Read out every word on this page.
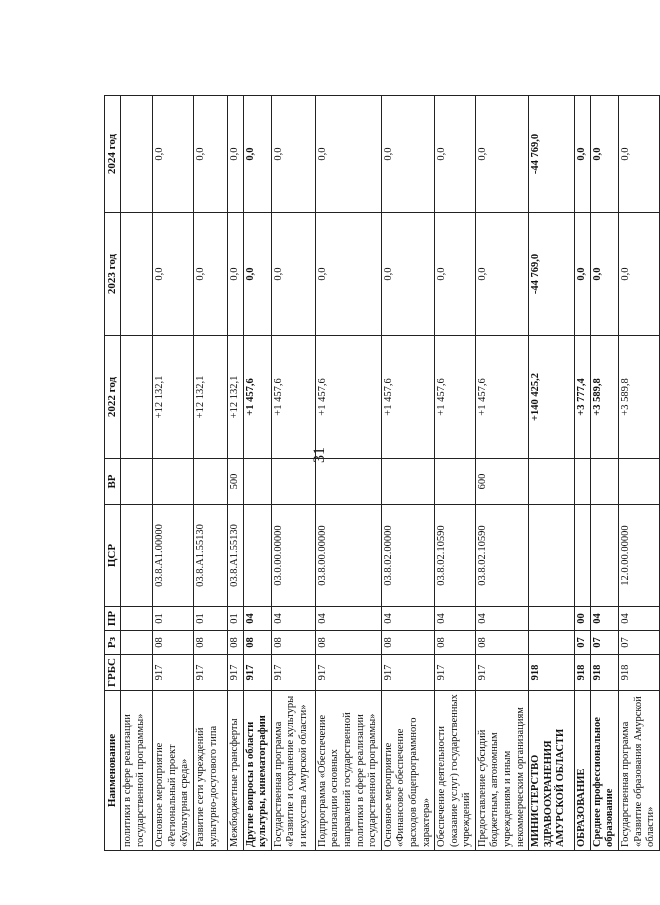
31
Наименование	ГРБС	Рз	ПР	ЦСР	ВР	2022 год	2023 год	2024 год
политики в сфере реализации государственной программы»								
Основное мероприятие «Региональный проект «Культурная среда»	917	08	01	03.8.A1.00000		+12 132,1	0,0	0,0
Развитие сети учреждений культурно-досугового типа	917	08	01	03.8.A1.55130		+12 132,1	0,0	0,0
Межбюджетные трансферты	917	08	01	03.8.A1.55130	500	+12 132,1	0,0	0,0
Другие вопросы в области культуры, кинематографии	917	08	04			+1 457,6	0,0	0,0
Государственная программа «Развитие и сохранение культуры и искусства Амурской области»	917	08	04	03.0.00.00000		+1 457,6	0,0	0,0
Подпрограмма «Обеспечение реализации основных направлений государственной политики в сфере реализации государственной программы»	917	08	04	03.8.00.00000		+1 457,6	0,0	0,0
Основное мероприятие «Финансовое обеспечение расходов общепрограммного характера»	917	08	04	03.8.02.00000		+1 457,6	0,0	0,0
Обеспечение деятельности (оказание услуг) государственных учреждений	917	08	04	03.8.02.10590		+1 457,6	0,0	0,0
Предоставление субсидий бюджетным, автономным учреждениям и иным некоммерческим организациям	917	08	04	03.8.02.10590	600	+1 457,6	0,0	0,0
МИНИСТЕРСТВО ЗДРАВООХРАНЕНИЯ АМУРСКОЙ ОБЛАСТИ	918					+140 425,2	-44 769,0	-44 769,0
ОБРАЗОВАНИЕ	918	07	00			+3 777,4	0,0	0,0
Среднее профессиональное образование	918	07	04			+3 589,8	0,0	0,0
Государственная программа «Развитие образования Амурской области»	918	07	04	12.0.00.00000		+3 589,8	0,0	0,0
